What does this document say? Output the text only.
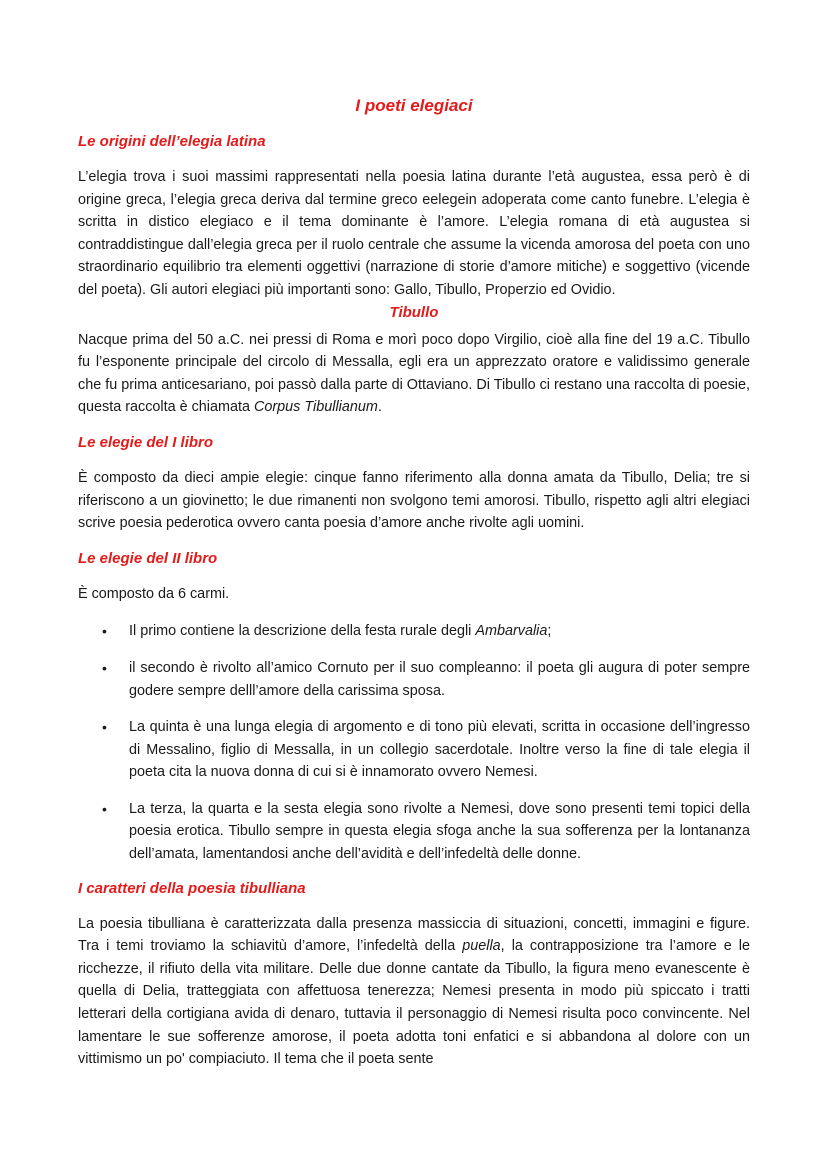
I poeti elegiaci
Le origini dell’elegia latina

L’elegia trova i suoi massimi rappresentati nella poesia latina durante l’età augustea, essa però è di origine greca, l’elegia greca deriva dal termine greco eelegein adoperata come canto funebre. L’elegia è scritta in distico elegiaco e il tema dominante è l’amore. L’elegia romana di età augustea si contraddistingue dall’elegia greca per il ruolo centrale che assume la vicenda amorosa del poeta con uno straordinario equilibrio tra elementi oggettivi (narrazione di storie d’amore mitiche) e soggettivo (vicende del poeta). Gli autori elegiaci più importanti sono: Gallo, Tibullo, Properzio ed Ovidio.

Tibullo

Nacque prima del 50 a.C. nei pressi di Roma e morì poco dopo Virgilio, cioè alla fine del 19 a.C. Tibullo fu l’esponente principale del circolo di Messalla, egli era un apprezzato oratore e validissimo generale che fu prima anticesariano, poi passò dalla parte di Ottaviano. Di Tibullo ci restano una raccolta di poesie, questa raccolta è chiamata Corpus Tibullianum.

Le elegie del I libro

È composto da dieci ampie elegie: cinque fanno riferimento alla donna amata da Tibullo, Delia; tre si riferiscono a un giovinetto; le due rimanenti non svolgono temi amorosi. Tibullo, rispetto agli altri elegiaci scrive poesia pederotica ovvero canta poesia d’amore anche rivolte agli uomini.

Le elegie del II libro

È composto da 6 carmi.

• Il primo contiene la descrizione della festa rurale degli Ambarvalia;
• il secondo è rivolto all’amico Cornuto per il suo compleanno: il poeta gli augura di poter sempre godere sempre delll’amore della carissima sposa.
• La quinta è una lunga elegia di argomento e di tono più elevati, scritta in occasione dell’ingresso di Messalino, figlio di Messalla, in un collegio sacerdotale. Inoltre verso la fine di tale elegia il poeta cita la nuova donna di cui si è innamorato ovvero Nemesi.
• La terza, la quarta e la sesta elegia sono rivolte a Nemesi, dove sono presenti temi topici della poesia erotica. Tibullo sempre in questa elegia sfoga anche la sua sofferenza per la lontananza dell’amata, lamentandosi anche dell’avidità e dell’infedeltà delle donne.
I caratteri della poesia tibulliana

La poesia tibulliana è caratterizzata dalla presenza massiccia di situazioni, concetti, immagini e figure. Tra i temi troviamo la schiavitù d’amore, l’infedeltà della puella, la contrapposizione tra l’amore e le ricchezze, il rifiuto della vita militare. Delle due donne cantate da Tibullo, la figura meno evanescente è quella di Delia, tratteggiata con affettuosa tenerezza; Nemesi presenta in modo più spiccato i tratti letterari della cortigiana avida di denaro, tuttavia il personaggio di Nemesi risulta poco convincente. Nel lamentare le sue sofferenze amorose, il poeta adotta toni enfatici e si abbandona al dolore con un vittimismo un po' compiaciuto. Il tema che il poeta sente
